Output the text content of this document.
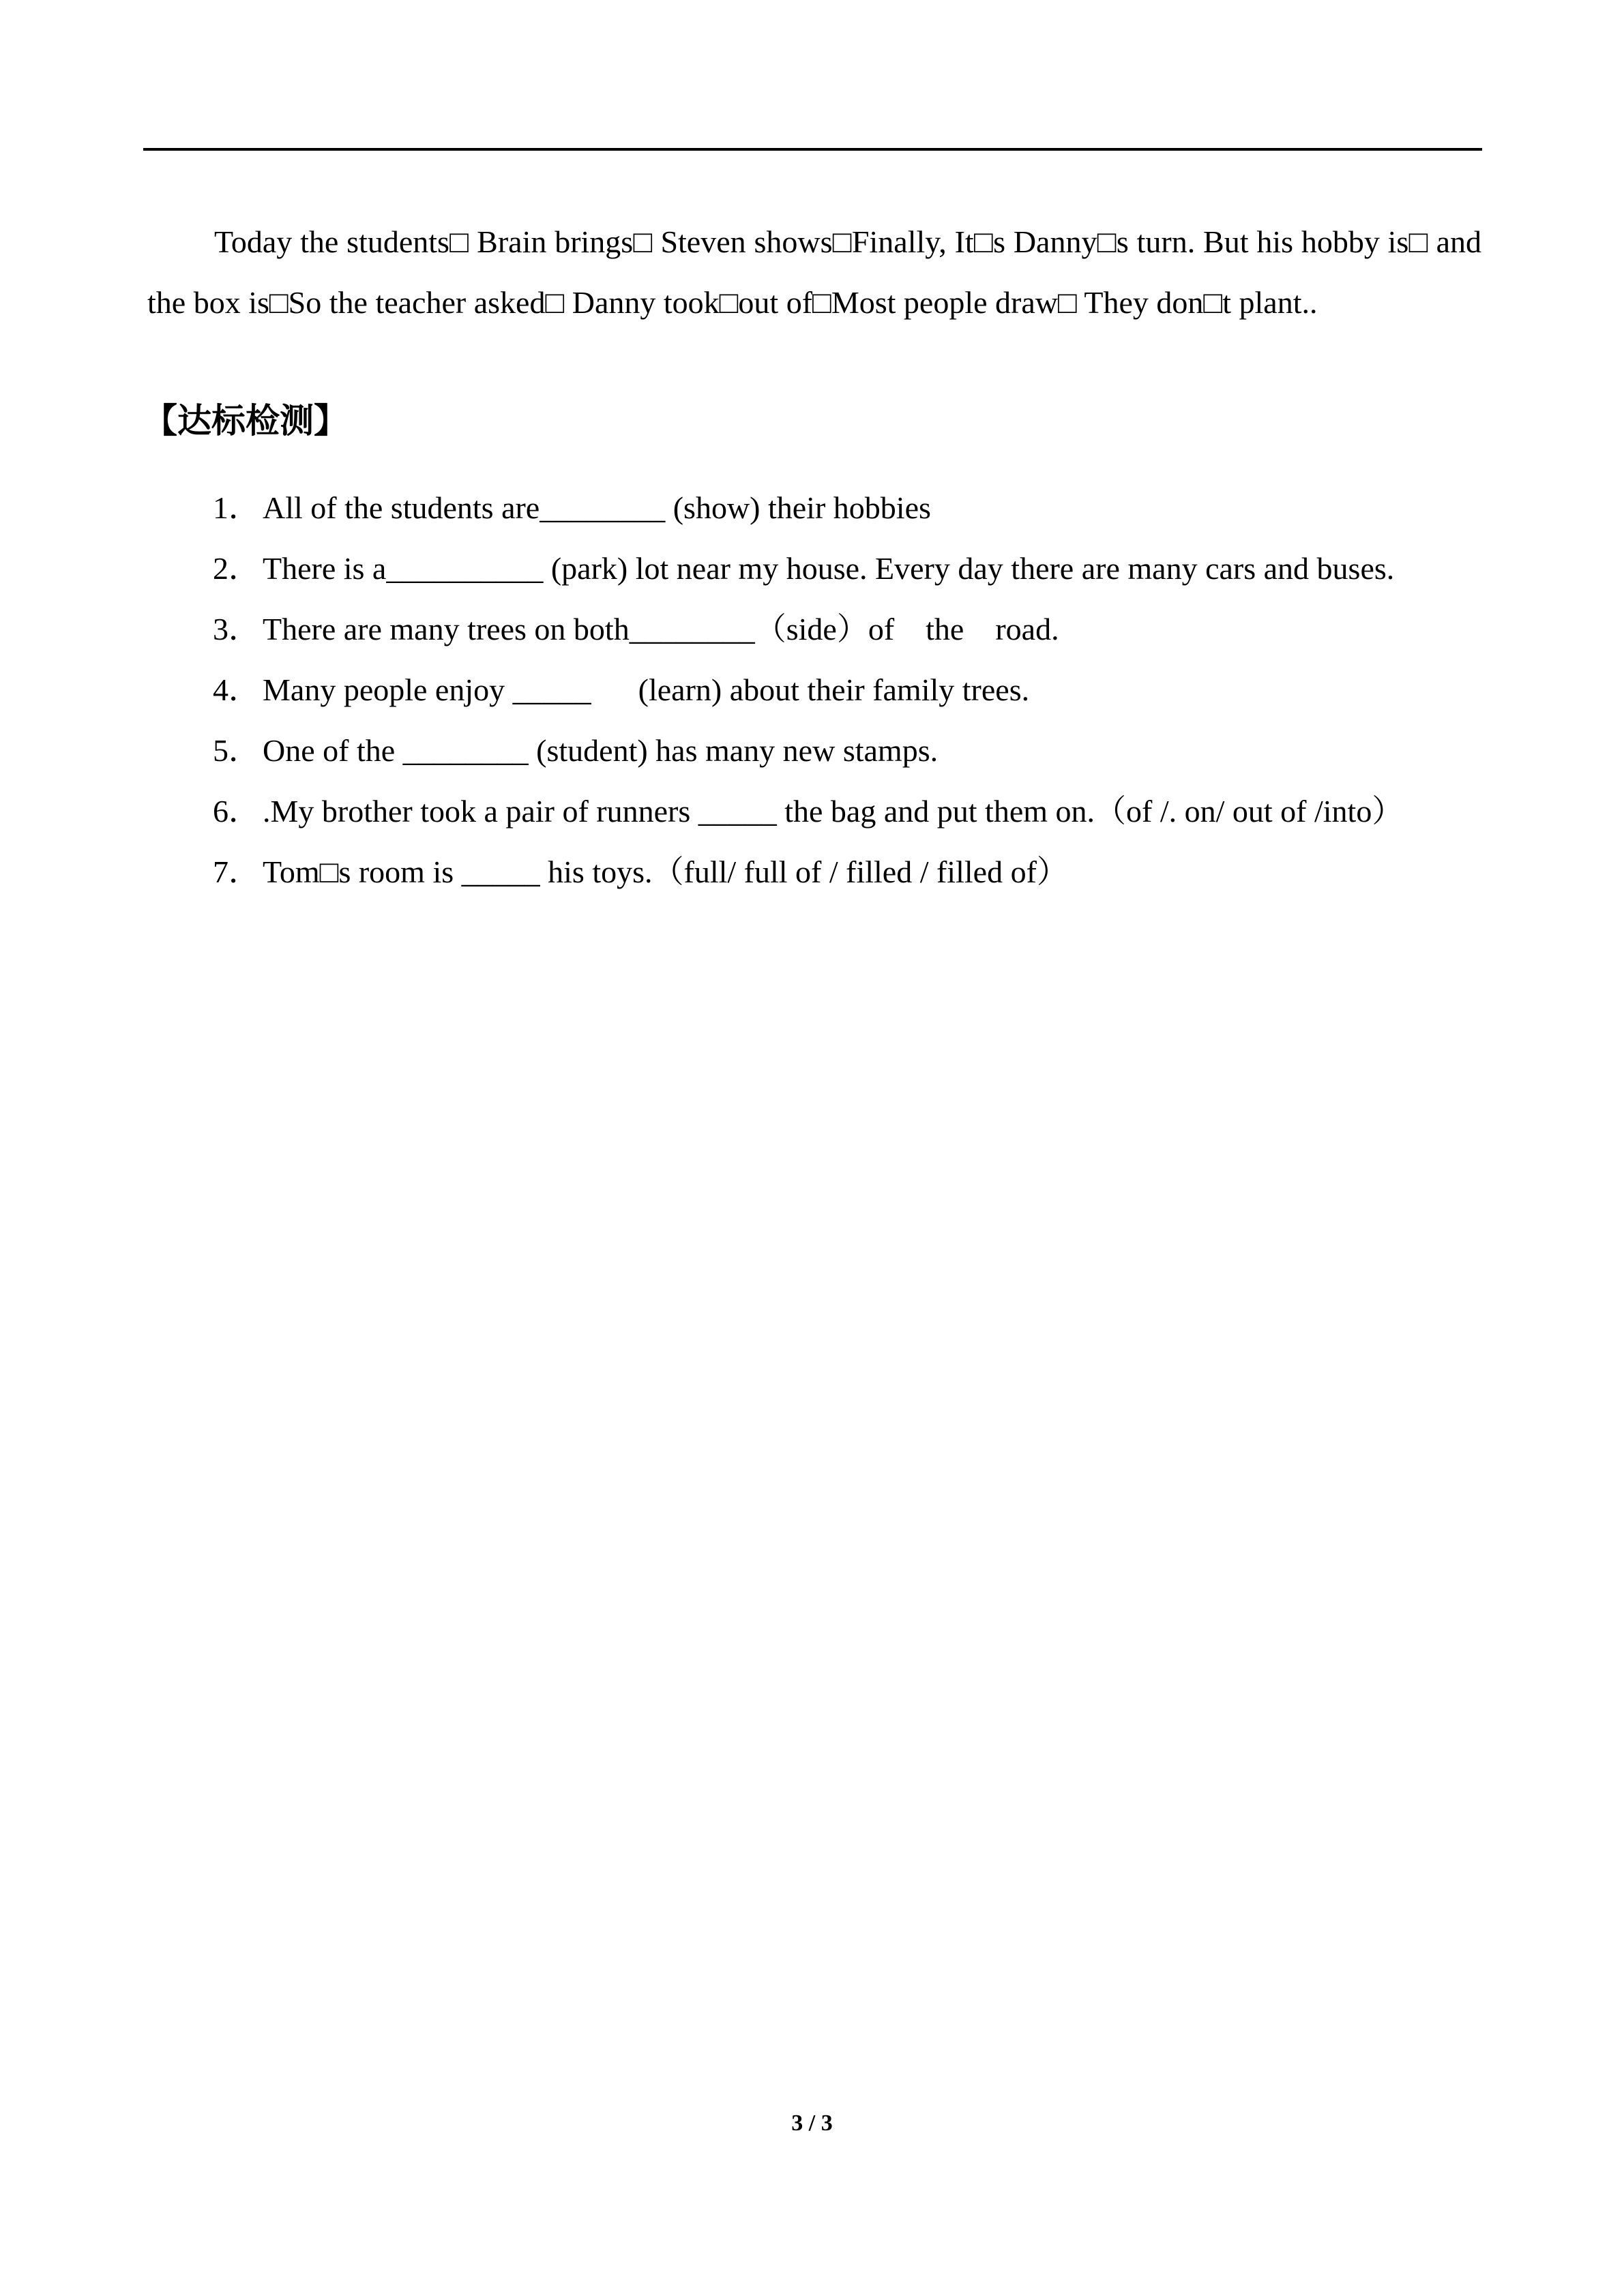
Today the students□ Brain brings□ Steven shows□Finally, It□s Danny□s turn. But his hobby is□ and the box is□So the teacher asked□ Danny took□out of□Most people draw□ They don□t plant..

【达标检测】
1．All of the students are________ (show) their hobbies
2．There is a__________ (park) lot near my house. Every day there are many cars and buses.
3．There are many trees on both________（side）of    the    road.
4．Many people enjoy _____      (learn) about their family trees.
5．One of the ________ (student) has many new stamps.
6．.My brother took a pair of runners _____ the bag and put them on.（of /. on/ out of /into）
7．Tom□s room is _____ his toys.（full/ full of / filled / filled of）
3 / 3
